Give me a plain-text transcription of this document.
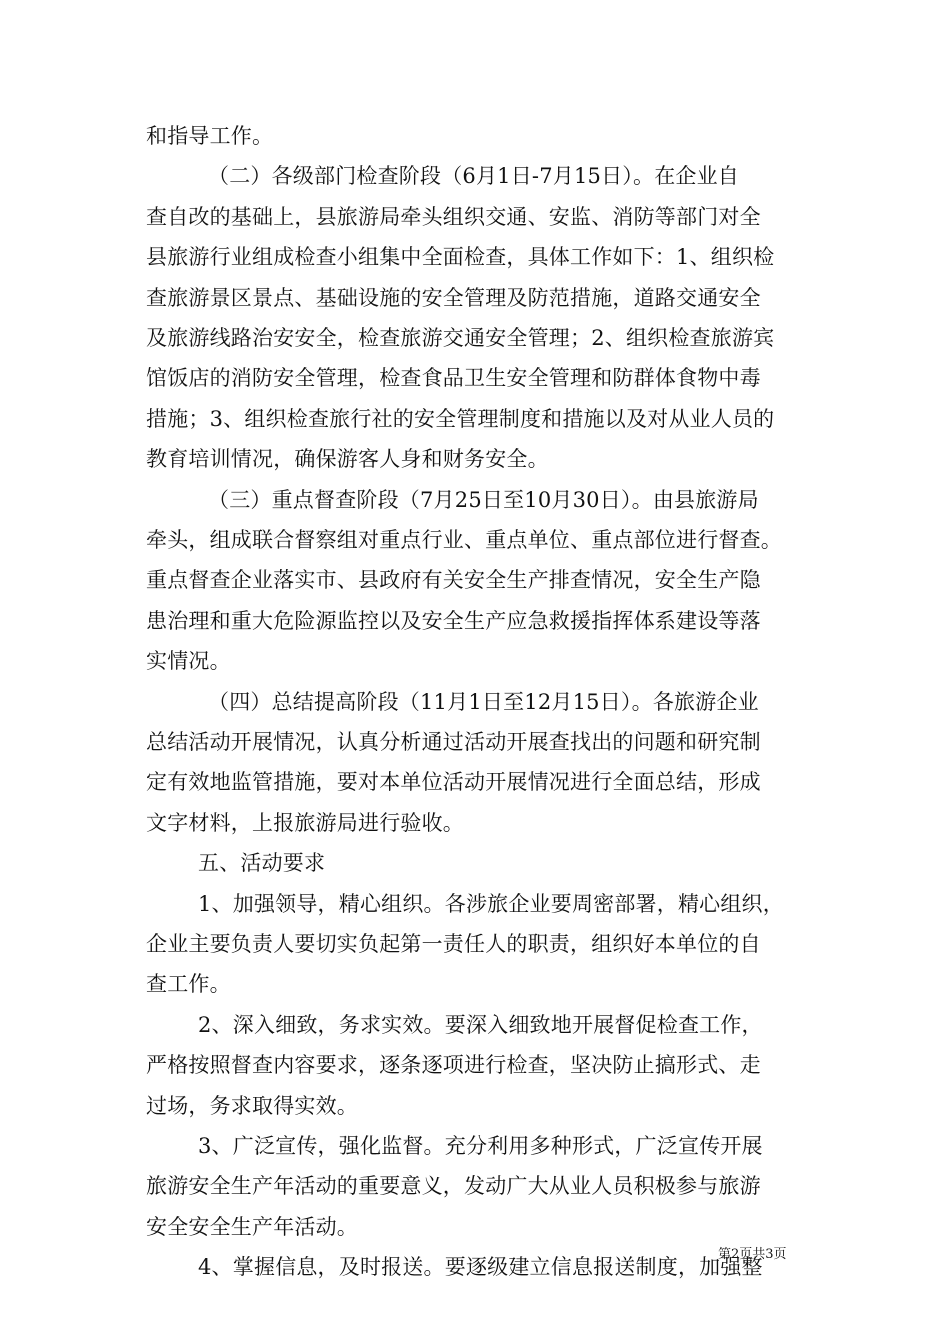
和指导工作。
（二）各级部门检查阶段（6月1日-7月15日）。在企业自
查自改的基础上，县旅游局牵头组织交通、安监、消防等部门对全
县旅游行业组成检查小组集中全面检查，具体工作如下：1、组织检
查旅游景区景点、基础设施的安全管理及防范措施，道路交通安全
及旅游线路治安安全，检查旅游交通安全管理；2、组织检查旅游宾
馆饭店的消防安全管理，检查食品卫生安全管理和防群体食物中毒
措施；3、组织检查旅行社的安全管理制度和措施以及对从业人员的
教育培训情况，确保游客人身和财务安全。
（三）重点督查阶段（7月25日至10月30日）。由县旅游局
牵头，组成联合督察组对重点行业、重点单位、重点部位进行督查。
重点督查企业落实市、县政府有关安全生产排查情况，安全生产隐
患治理和重大危险源监控以及安全生产应急救援指挥体系建设等落
实情况。
（四）总结提高阶段（11月1日至12月15日）。各旅游企业
总结活动开展情况，认真分析通过活动开展查找出的问题和研究制
定有效地监管措施，要对本单位活动开展情况进行全面总结，形成
文字材料，上报旅游局进行验收。
五、活动要求
1、加强领导，精心组织。各涉旅企业要周密部署，精心组织，
企业主要负责人要切实负起第一责任人的职责，组织好本单位的自
查工作。
2、深入细致，务求实效。要深入细致地开展督促检查工作，
严格按照督查内容要求，逐条逐项进行检查，坚决防止搞形式、走
过场，务求取得实效。
3、广泛宣传，强化监督。充分利用多种形式，广泛宣传开展
旅游安全生产年活动的重要意义，发动广大从业人员积极参与旅游
安全安全生产年活动。
4、掌握信息，及时报送。要逐级建立信息报送制度，加强整
第2页共3页
